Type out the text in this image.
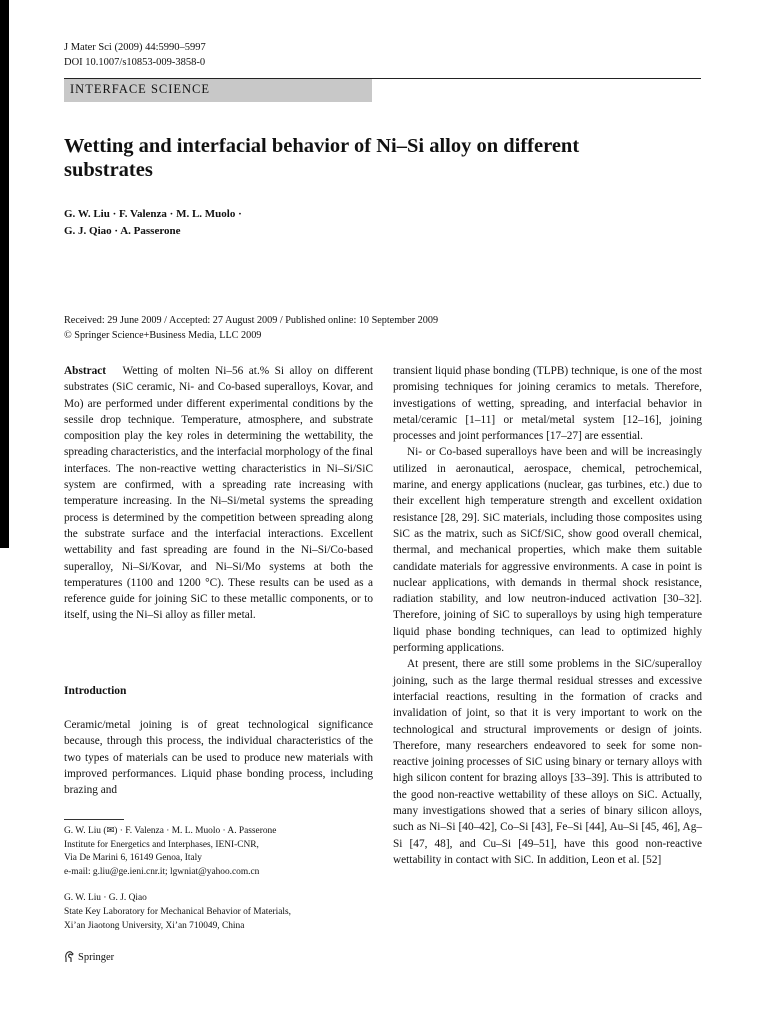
J Mater Sci (2009) 44:5990–5997
DOI 10.1007/s10853-009-3858-0
INTERFACE SCIENCE
Wetting and interfacial behavior of Ni–Si alloy on different substrates
G. W. Liu · F. Valenza · M. L. Muolo ·
G. J. Qiao · A. Passerone
Received: 29 June 2009 / Accepted: 27 August 2009 / Published online: 10 September 2009
© Springer Science+Business Media, LLC 2009

Abstract Wetting of molten Ni–56 at.% Si alloy on different substrates (SiC ceramic, Ni- and Co-based superalloys, Kovar, and Mo) are performed under different experimental conditions by the sessile drop technique. Temperature, atmosphere, and substrate composition play the key roles in determining the wettability, the spreading characteristics, and the interfacial morphology of the final interfaces. The non-reactive wetting characteristics in Ni–Si/SiC system are confirmed, with a spreading rate increasing with temperature increasing. In the Ni–Si/metal systems the spreading process is determined by the competition between spreading along the substrate surface and the interfacial interactions. Excellent wettability and fast spreading are found in the Ni–Si/Co-based superalloy, Ni–Si/Kovar, and Ni–Si/Mo systems at both the temperatures (1100 and 1200 °C). These results can be used as a reference guide for joining SiC to these metallic components, or to itself, using the Ni–Si alloy as filler metal.

Introduction

Ceramic/metal joining is of great technological significance because, through this process, the individual characteristics of the two types of materials can be used to produce new materials with improved performances. Liquid phase bonding process, including brazing and

transient liquid phase bonding (TLPB) technique, is one of the most promising techniques for joining ceramics to metals. Therefore, investigations of wetting, spreading, and interfacial behavior in metal/ceramic [1–11] or metal/metal system [12–16], joining processes and joint performances [17–27] are essential.

Ni- or Co-based superalloys have been and will be increasingly utilized in aeronautical, aerospace, chemical, petrochemical, marine, and energy applications (nuclear, gas turbines, etc.) due to their excellent high temperature strength and excellent oxidation resistance [28, 29]. SiC materials, including those composites using SiC as the matrix, such as SiCf/SiC, show good overall chemical, thermal, and mechanical properties, which make them suitable candidate materials for aggressive environments. A case in point is nuclear applications, with demands in thermal shock resistance, radiation stability, and low neutron-induced activation [30–32]. Therefore, joining of SiC to superalloys by using high temperature liquid phase bonding techniques, can lead to optimized highly performing applications.

At present, there are still some problems in the SiC/superalloy joining, such as the large thermal residual stresses and excessive interfacial reactions, resulting in the formation of cracks and invalidation of joint, so that it is very important to work on the technological and structural improvements or design of joints. Therefore, many researchers endeavored to seek for some non-reactive joining processes of SiC using binary or ternary alloys with high silicon content for brazing alloys [33–39]. This is attributed to the good non-reactive wettability of these alloys on SiC. Actually, many investigations showed that a series of binary silicon alloys, such as Ni–Si [40–42], Co–Si [43], Fe–Si [44], Au–Si [45, 46], Ag–Si [47, 48], and Cu–Si [49–51], have this good non-reactive wettability in contact with SiC. In addition, Leon et al. [52]

G. W. Liu (✉) · F. Valenza · M. L. Muolo · A. Passerone
Institute for Energetics and Interphases, IENI-CNR,
Via De Marini 6, 16149 Genoa, Italy
e-mail: g.liu@ge.ieni.cnr.it; lgwniat@yahoo.com.cn
G. W. Liu · G. J. Qiao
State Key Laboratory for Mechanical Behavior of Materials,
Xi’an Jiaotong University, Xi’an 710049, China
Springer
